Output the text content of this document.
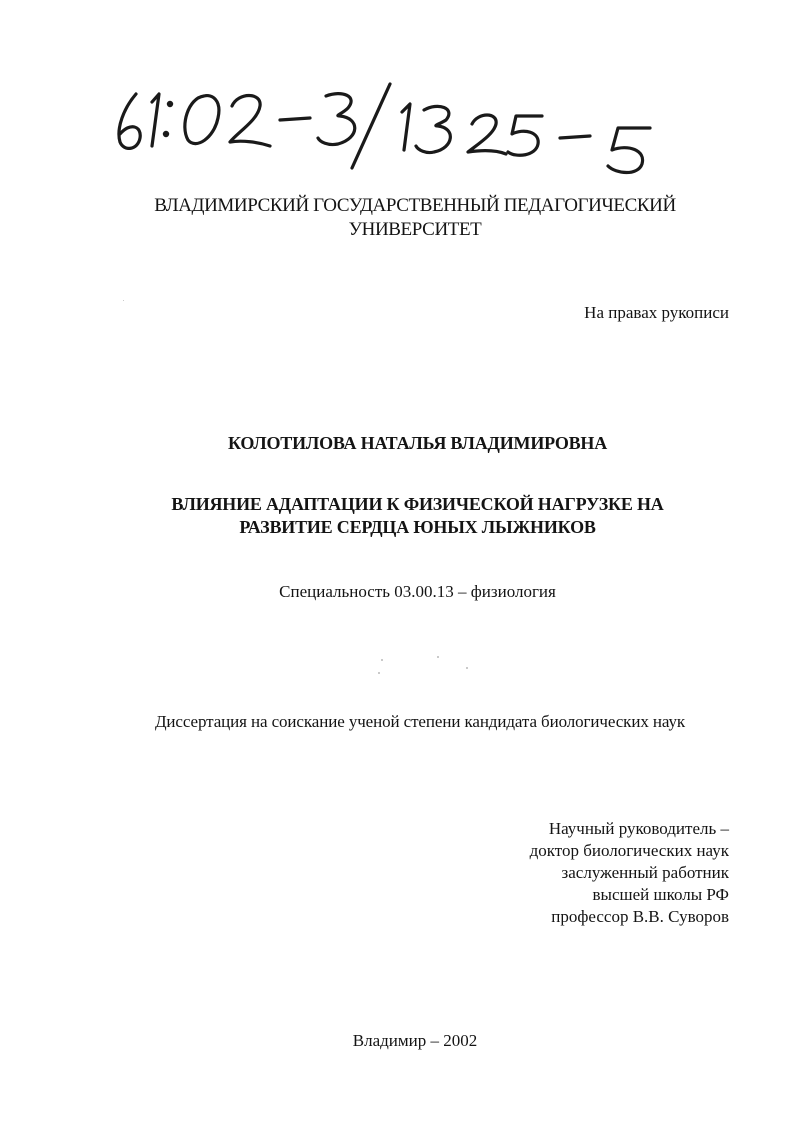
ВЛАДИМИРСКИЙ ГОСУДАРСТВЕННЫЙ ПЕДАГОГИЧЕСКИЙ
УНИВЕРСИТЕТ
На правах рукописи
КОЛОТИЛОВА НАТАЛЬЯ ВЛАДИМИРОВНА
ВЛИЯНИЕ АДАПТАЦИИ К ФИЗИЧЕСКОЙ НАГРУЗКЕ НА
РАЗВИТИЕ СЕРДЦА ЮНЫХ ЛЫЖНИКОВ
Специальность 03.00.13 – физиология
Диссертация на соискание ученой степени кандидата биологических наук
Научный руководитель –
доктор биологических наук
заслуженный работник
высшей школы РФ
профессор В.В. Суворов
Владимир – 2002
